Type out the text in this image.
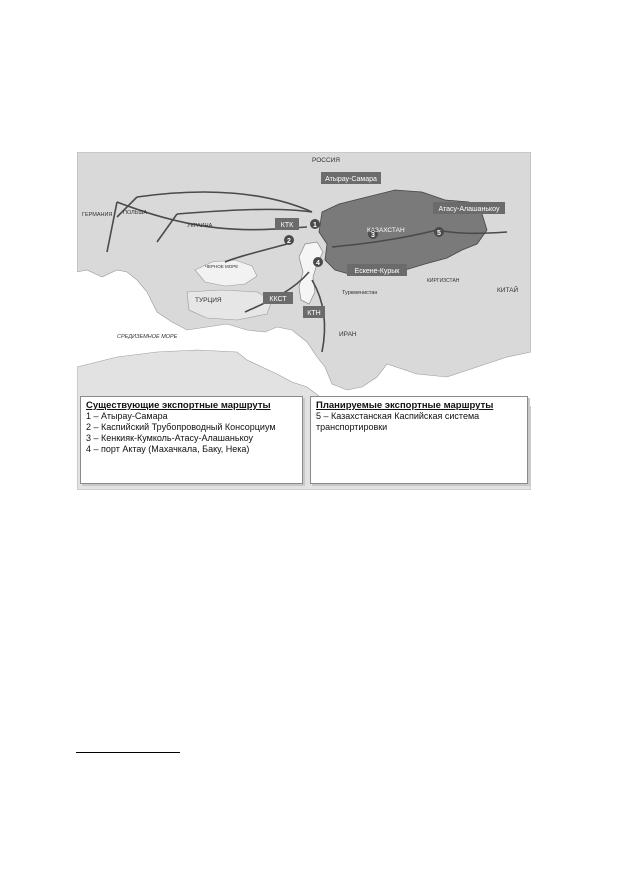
Атырау-Самара
Атасу-Алашанькоу
КТК
Ескене-Курык
ККСТ
КТН
1
2
3
4
5
РОССИЯ
КАЗАХСТАН
КИТАЙ
ТУРЦИЯ
ИРАН
ГЕРМАНИЯ ПОЛЬША
УКРАИНА
Туркменистан
КИРГИЗСТАН
СРЕДИЗЕМНОЕ МОРЕ
ЧЕРНОЕ МОРЕ
Существующие экспортные маршруты
1 – Атырау-Самара
2 – Каспийский Трубопроводный Консорциум
3 – Кенкияк-Кумколь-Атасу-Алашанькоу
4 – порт Актау (Махачкала, Баку, Нека)
Планируемые экспортные маршруты
5 – Казахстанская Каспийская система
транспортировки
